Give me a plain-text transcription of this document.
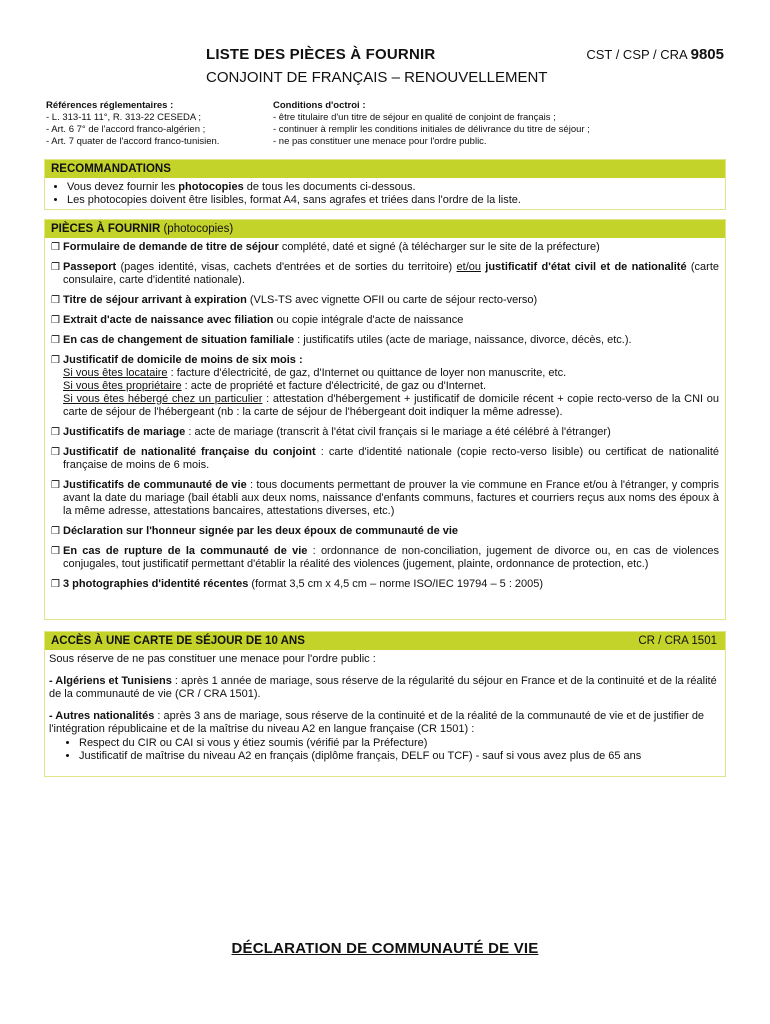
LISTE DES PIÈCES À FOURNIR	CST / CSP / CRA 9805
CONJOINT DE FRANÇAIS – RENOUVELLEMENT
Références réglementaires :
- L. 313-11 11°, R. 313-22 CESEDA ;
- Art. 6 7° de l'accord franco-algérien ;
- Art. 7 quater de l'accord franco-tunisien.
Conditions d'octroi :
- être titulaire d'un titre de séjour en qualité de conjoint de français ;
- continuer à remplir les conditions initiales de délivrance du titre de séjour ;
- ne pas constituer une menace pour l'ordre public.
RECOMMANDATIONS
• Vous devez fournir les photocopies de tous les documents ci-dessous.
• Les photocopies doivent être lisibles, format A4, sans agrafes et triées dans l'ordre de la liste.
PIÈCES À FOURNIR (photocopies)
❒ Formulaire de demande de titre de séjour complété, daté et signé (à télécharger sur le site de la préfecture)
❒ Passeport (pages identité, visas, cachets d'entrées et de sorties du territoire) et/ou justificatif d'état civil et de nationalité (carte consulaire, carte d'identité nationale).
❒ Titre de séjour arrivant à expiration (VLS-TS avec vignette OFII ou carte de séjour recto-verso)
❒ Extrait d'acte de naissance avec filiation ou copie intégrale d'acte de naissance
❒ En cas de changement de situation familiale : justificatifs utiles (acte de mariage, naissance, divorce, décès, etc.).
❒ Justificatif de domicile de moins de six mois :
Si vous êtes locataire : facture d'électricité, de gaz, d'Internet ou quittance de loyer non manuscrite, etc.
Si vous êtes propriétaire : acte de propriété et facture d'électricité, de gaz ou d'Internet.
Si vous êtes hébergé chez un particulier : attestation d'hébergement + justificatif de domicile récent + copie recto-verso de la CNI ou carte de séjour de l'hébergeant (nb : la carte de séjour de l'hébergeant doit indiquer la même adresse).
❒ Justificatifs de mariage : acte de mariage (transcrit à l'état civil français si le mariage a été célébré à l'étranger)
❒ Justificatif de nationalité française du conjoint : carte d'identité nationale (copie recto-verso lisible) ou certificat de nationalité française de moins de 6 mois.
❒ Justificatifs de communauté de vie : tous documents permettant de prouver la vie commune en France et/ou à l'étranger, y compris avant la date du mariage (bail établi aux deux noms, naissance d'enfants communs, factures et courriers reçus aux noms des époux à la même adresse, attestations bancaires, attestations diverses, etc.)
❒ Déclaration sur l'honneur signée par les deux époux de communauté de vie
❒ En cas de rupture de la communauté de vie : ordonnance de non-conciliation, jugement de divorce ou, en cas de violences conjugales, tout justificatif permettant d'établir la réalité des violences (jugement, plainte, ordonnance de protection, etc.)
❒ 3 photographies d'identité récentes (format 3,5 cm x 4,5 cm – norme ISO/IEC 19794 – 5 : 2005)
ACCÈS À UNE CARTE DE SÉJOUR DE 10 ANS	CR / CRA 1501

Sous réserve de ne pas constituer une menace pour l'ordre public :

- Algériens et Tunisiens : après 1 année de mariage, sous réserve de la régularité du séjour en France et de la continuité et de la réalité de la communauté de vie (CR / CRA 1501).

- Autres nationalités : après 3 ans de mariage, sous réserve de la continuité et de la réalité de la communauté de vie et de justifier de l'intégration républicaine et de la maîtrise du niveau A2 en langue française (CR 1501) :

• Respect du CIR ou CAI si vous y étiez soumis (vérifié par la Préfecture)
• Justificatif de maîtrise du niveau A2 en français (diplôme français, DELF ou TCF) - sauf si vous avez plus de 65 ans
DÉCLARATION DE COMMUNAUTÉ DE VIE
